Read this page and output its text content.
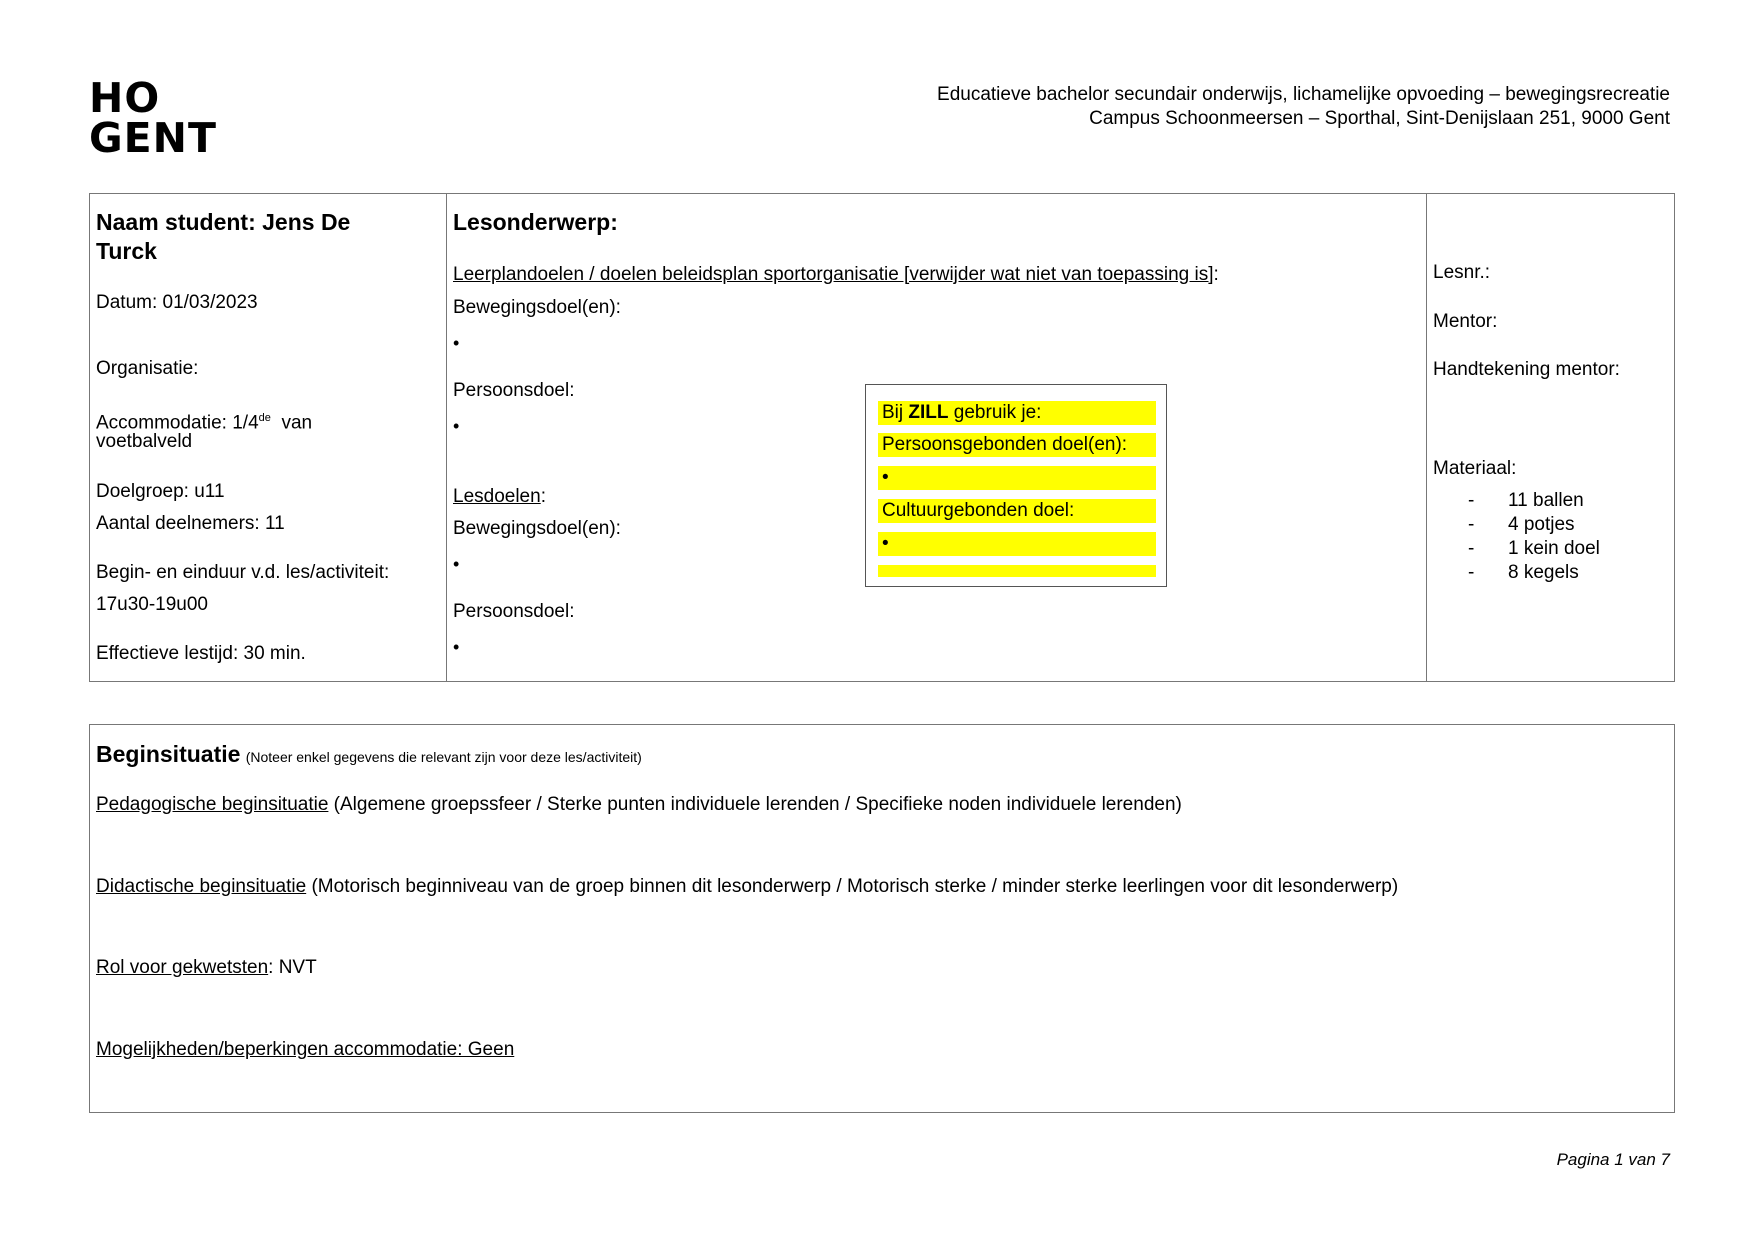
HO
GENT
Educatieve bachelor secundair onderwijs, lichamelijke opvoeding – bewegingsrecreatie
Campus Schoonmeersen – Sporthal, Sint-Denijslaan 251, 9000 Gent
Naam student: Jens De
Turck
Datum: 01/03/2023
Organisatie:
Accommodatie: 1/4de  van
voetbalveld
Doelgroep: u11
Aantal deelnemers: 11
Begin- en einduur v.d. les/activiteit:
17u30-19u00
Effectieve lestijd: 30 min.
Lesonderwerp:
Leerplandoelen / doelen beleidsplan sportorganisatie [verwijder wat niet van toepassing is]:
Bewegingsdoel(en):
•
Persoonsdoel:
•
Lesdoelen:
Bewegingsdoel(en):
•
Persoonsdoel:
•
Bij ZILL gebruik je:
Persoonsgebonden doel(en):
•
Cultuurgebonden doel:
•
Lesnr.:
Mentor:
Handtekening mentor:
Materiaal:
- 11 ballen
- 4 potjes
- 1 kein doel
- 8 kegels
Beginsituatie (Noteer enkel gegevens die relevant zijn voor deze les/activiteit)
Pedagogische beginsituatie (Algemene groepssfeer / Sterke punten individuele lerenden / Specifieke noden individuele lerenden)
Didactische beginsituatie (Motorisch beginniveau van de groep binnen dit lesonderwerp / Motorisch sterke / minder sterke leerlingen voor dit lesonderwerp)
Rol voor gekwetsten: NVT
Mogelijkheden/beperkingen accommodatie: Geen
Pagina 1 van 7
